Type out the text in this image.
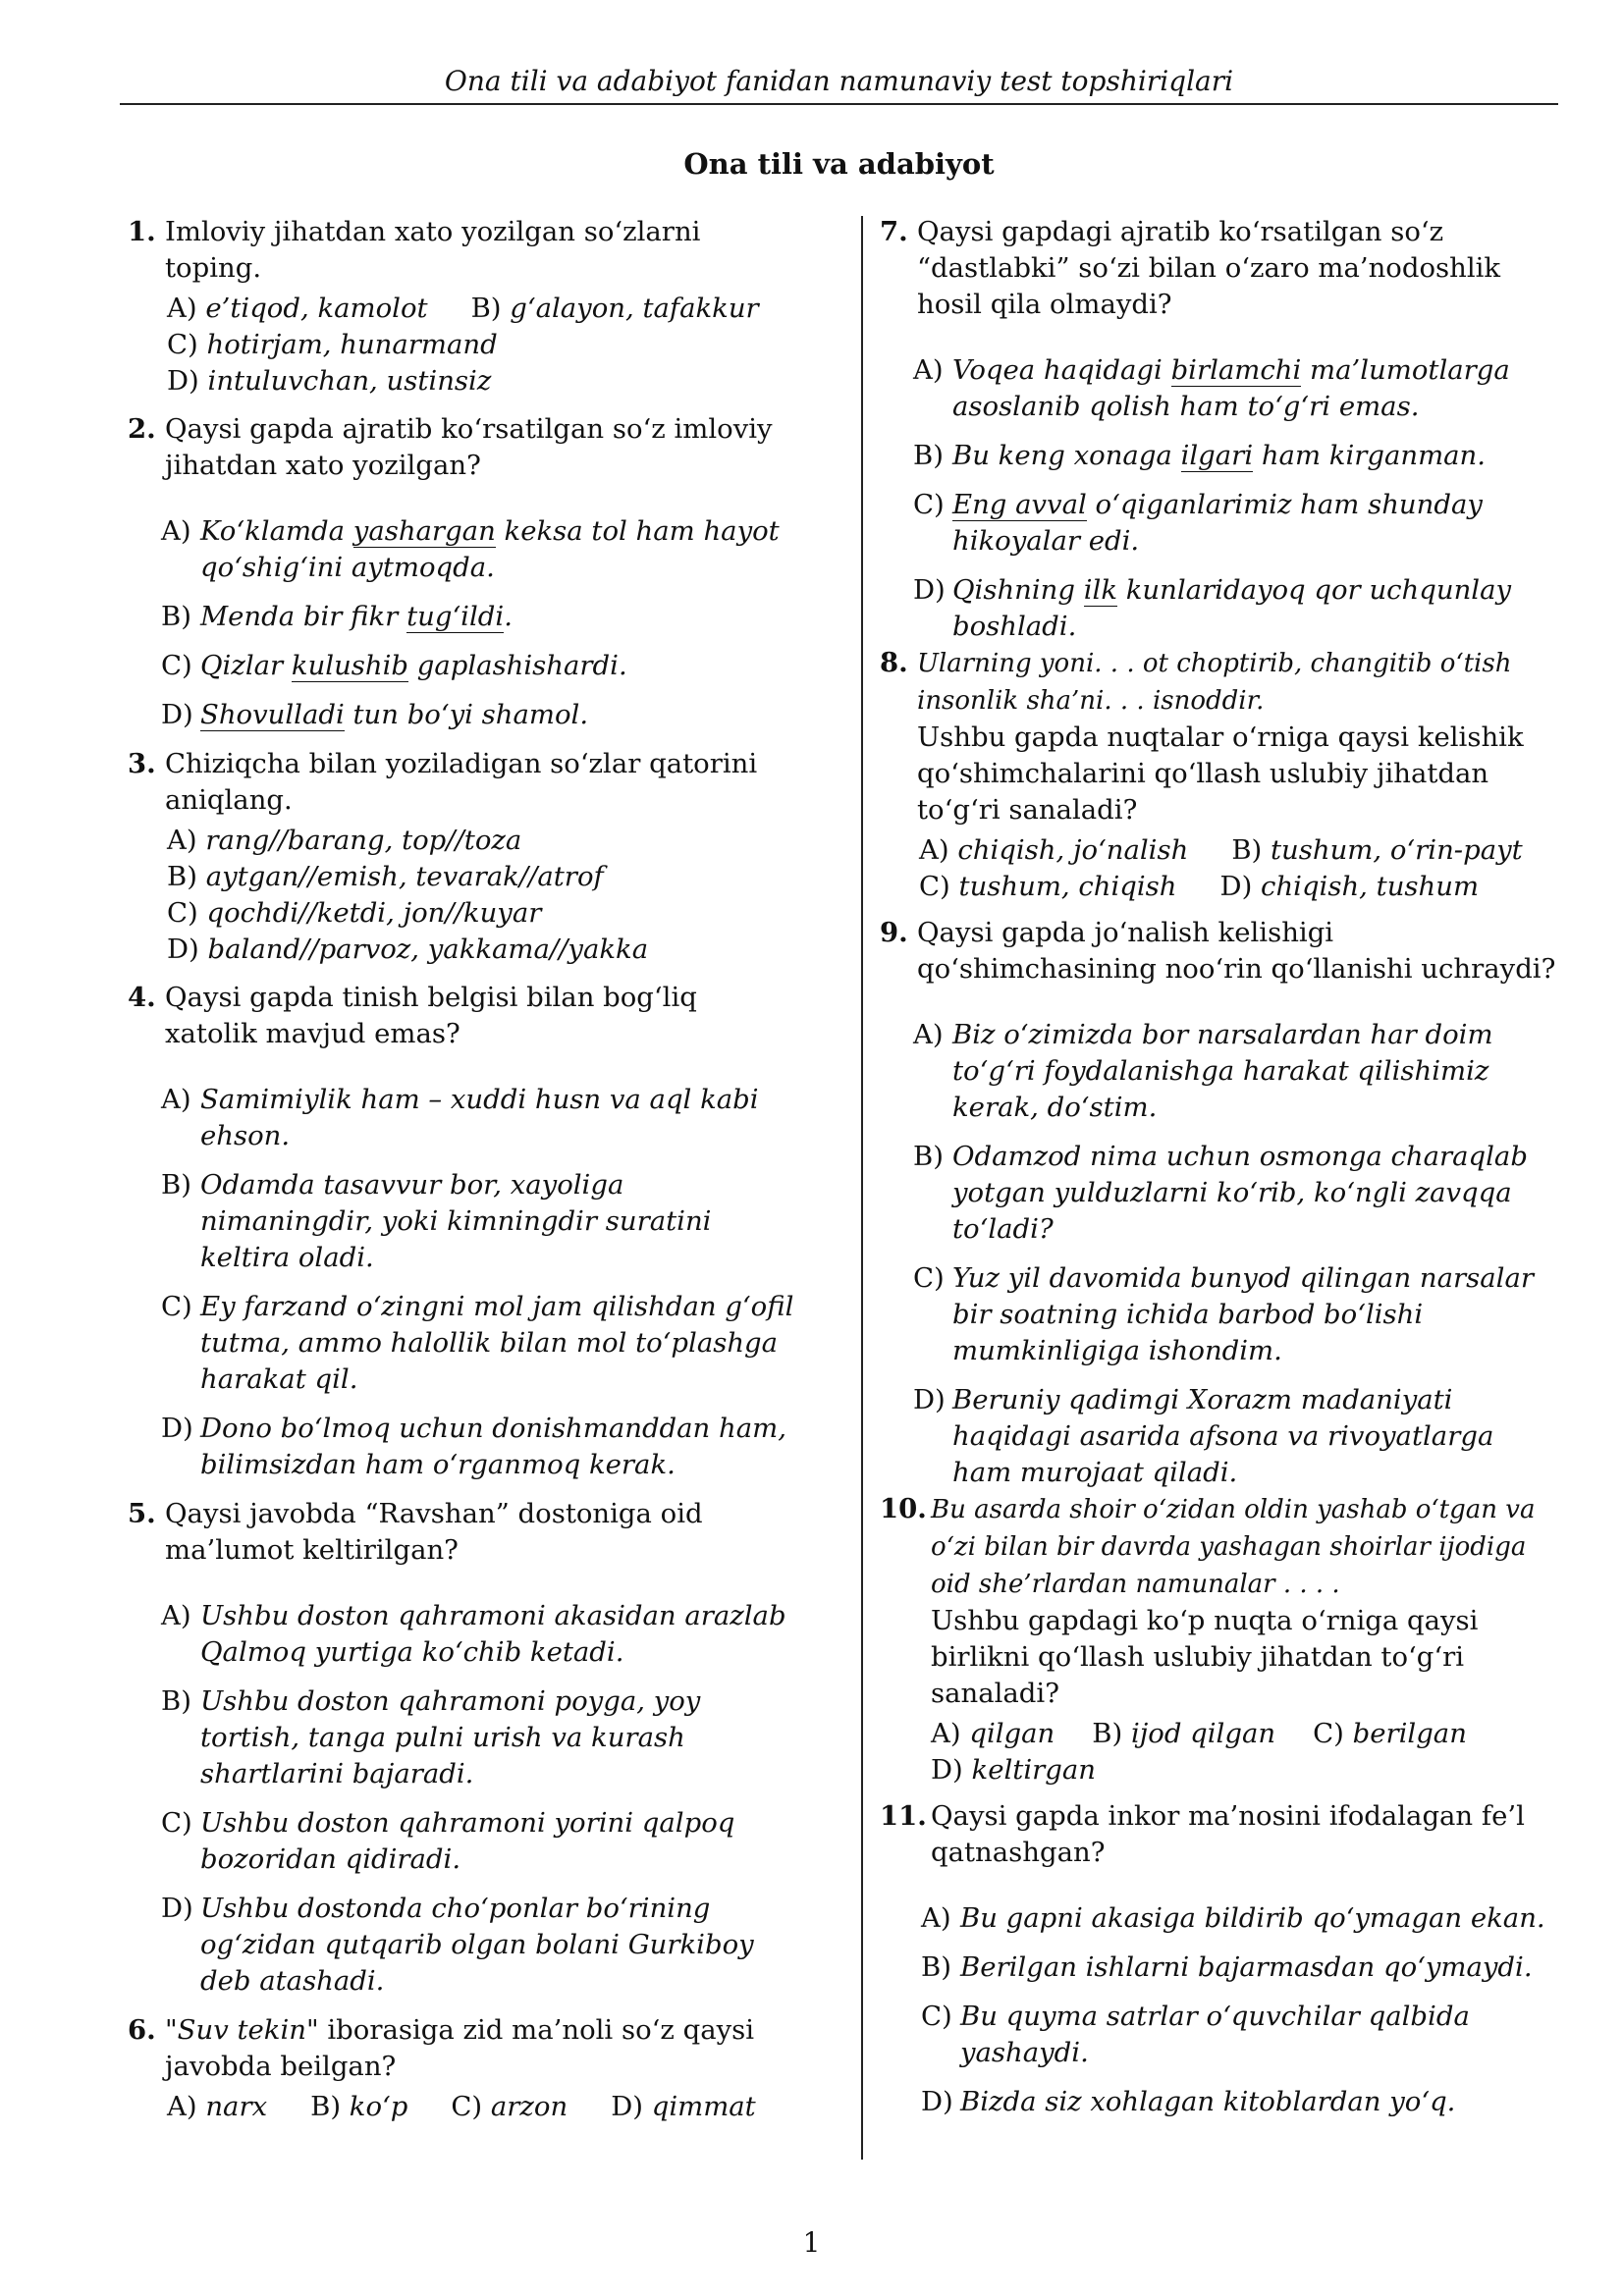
Ona tili va adabiyot fanidan namunaviy test topshiriqlari
Ona tili va adabiyot
1. Imloviy jihatdan xato yozilgan so‘zlarni toping.
A) e’tiqod, kamolot B) g‘alayon, tafakkur
C) hotirjam, hunarmand
D) intuluvchan, ustinsiz
2. Qaysi gapda ajratib ko‘rsatilgan so‘z imloviy jihatdan xato yozilgan?
A) Ko‘klamda yashargan keksa tol ham hayot qo‘shig‘ini aytmoqda.
B) Menda bir fikr tug‘ildi.
C) Qizlar kulushib gaplashishardi.
D) Shovulladi tun bo‘yi shamol.
3. Chiziqcha bilan yoziladigan so‘zlar qatorini aniqlang.
A) rang//barang, top//toza
B) aytgan//emish, tevarak//atrof
C) qochdi//ketdi, jon//kuyar
D) baland//parvoz, yakkama//yakka
4. Qaysi gapda tinish belgisi bilan bog‘liq xatolik mavjud emas?
A) Samimiylik ham – xuddi husn va aql kabi ehson.
B) Odamda tasavvur bor, xayoliga nimaningdir, yoki kimningdir suratini keltira oladi.
C) Ey farzand o‘zingni mol jam qilishdan g‘ofil tutma, ammo halollik bilan mol to‘plashga harakat qil.
D) Dono bo‘lmoq uchun donishmanddan ham, bilimsizdan ham o‘rganmoq kerak.
5. Qaysi javobda “Ravshan” dostoniga oid ma’lumot keltirilgan?
A) Ushbu doston qahramoni akasidan arazlab Qalmoq yurtiga ko‘chib ketadi.
B) Ushbu doston qahramoni poyga, yoy tortish, tanga pulni urish va kurash shartlarini bajaradi.
C) Ushbu doston qahramoni yorini qalpoq bozoridan qidiradi.
D) Ushbu dostonda cho‘ponlar bo‘rining og‘zidan qutqarib olgan bolani Gurkiboy deb atashadi.
6. "Suv tekin" iborasiga zid ma’noli so‘z qaysi javobda beilgan?
A) narx B) ko‘p C) arzon D) qimmat
7. Qaysi gapdagi ajratib ko‘rsatilgan so‘z “dastlabki” so‘zi bilan o‘zaro ma’nodoshlik hosil qila olmaydi?
A) Voqea haqidagi birlamchi ma’lumotlarga asoslanib qolish ham to‘g‘ri emas.
B) Bu keng xonaga ilgari ham kirganman.
C) Eng avval o‘qiganlarimiz ham shunday hikoyalar edi.
D) Qishning ilk kunlaridayoq qor uchqunlay boshladi.
8. Ularning yoni. . . ot choptirib, changitib o‘tish insonlik sha’ni. . . isnoddir.
Ushbu gapda nuqtalar o‘rniga qaysi kelishik qo‘shimchalarini qo‘llash uslubiy jihatdan to‘g‘ri sanaladi?
A) chiqish, jo‘nalish B) tushum, o‘rin-payt
C) tushum, chiqish D) chiqish, tushum
9. Qaysi gapda jo‘nalish kelishigi qo‘shimchasining noo‘rin qo‘llanishi uchraydi?
A) Biz o‘zimizda bor narsalardan har doim to‘g‘ri foydalanishga harakat qilishimiz kerak, do‘stim.
B) Odamzod nima uchun osmonga charaqlab yotgan yulduzlarni ko‘rib, ko‘ngli zavqqa to‘ladi?
C) Yuz yil davomida bunyod qilingan narsalar bir soatning ichida barbod bo‘lishi mumkinligiga ishondim.
D) Beruniy qadimgi Xorazm madaniyati haqidagi asarida afsona va rivoyatlarga ham murojaat qiladi.
10. Bu asarda shoir o‘zidan oldin yashab o‘tgan va o‘zi bilan bir davrda yashagan shoirlar ijodiga oid she’rlardan namunalar . . . .
Ushbu gapdagi ko‘p nuqta o‘rniga qaysi birlikni qo‘llash uslubiy jihatdan to‘g‘ri sanaladi?
A) qilgan B) ijod qilgan C) berilgan
D) keltirgan
11. Qaysi gapda inkor ma’nosini ifodalagan fe’l qatnashgan?
A) Bu gapni akasiga bildirib qo‘ymagan ekan.
B) Berilgan ishlarni bajarmasdan qo‘ymaydi.
C) Bu quyma satrlar o‘quvchilar qalbida yashaydi.
D) Bizda siz xohlagan kitoblardan yo‘q.
1
